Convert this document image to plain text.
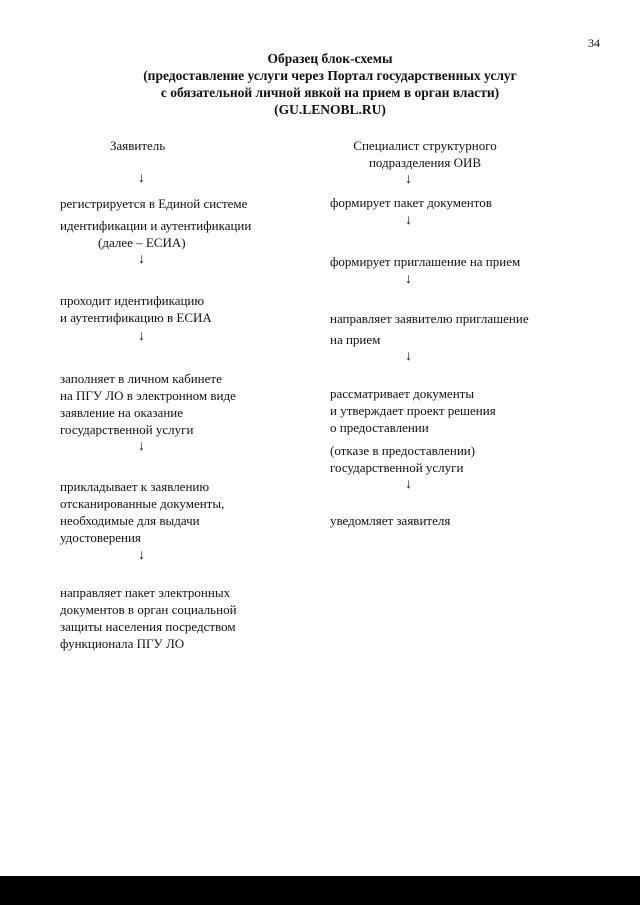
34
Образец блок-схемы
(предоставление услуги через Портал государственных услуг
с обязательной личной явкой на прием в орган власти)
(GU.LENOBL.RU)
Заявитель	Специалист структурного
подразделения ОИВ
↓
регистрируется в Единой системе
идентификации и аутентификации
(далее – ЕСИА)
↓
проходит идентификацию
и аутентификацию в ЕСИА
↓
заполняет в личном кабинете
на ПГУ ЛО в электронном виде
заявление на оказание
государственной услуги
↓
прикладывает к заявлению
отсканированные документы,
необходимые для выдачи
удостоверения
↓
направляет пакет электронных
документов в орган социальной
защиты населения посредством
функционала ПГУ ЛО
↓
формирует пакет документов
↓
формирует приглашение на прием
↓
направляет заявителю приглашение
на прием
↓
рассматривает документы
и утверждает проект решения
о предоставлении
(отказе в предоставлении)
государственной услуги
↓
уведомляет заявителя
